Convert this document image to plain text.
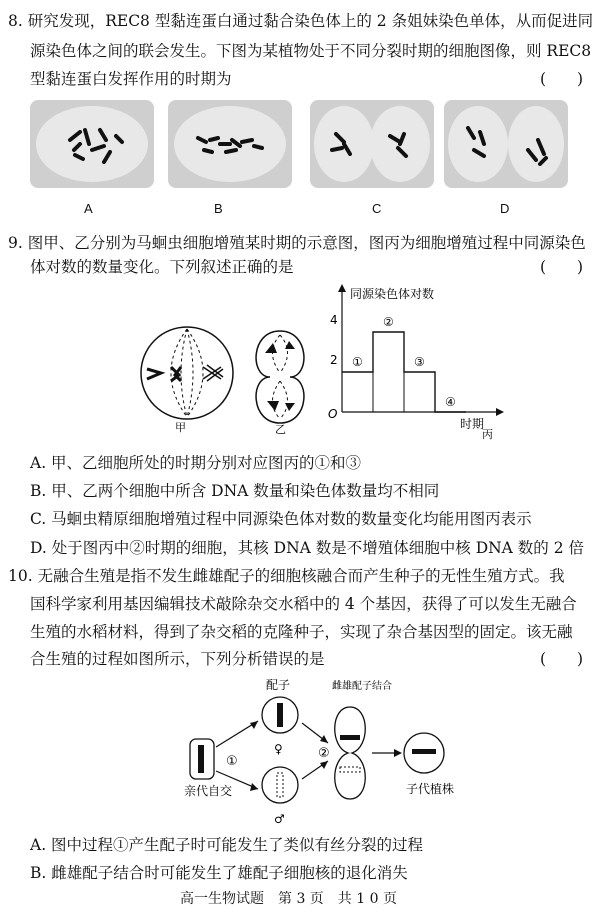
8. 研究发现，REC8 型黏连蛋白通过黏合染色体上的 2 条姐妹染色单体，从而促进同
源染色体之间的联会发生。下图为某植物处于不同分裂时期的细胞图像，则 REC8
型黏连蛋白发挥作用的时期为	(　　)
A	B	C	D
9. 图甲、乙分别为马蛔虫细胞增殖某时期的示意图，图丙为细胞增殖过程中同源染色
体对数的数量变化。下列叙述正确的是	(　　)
甲	乙
同源染色体对数
时期
O
4
2 ①
②
③
④
丙
A. 甲、乙细胞所处的时期分别对应图丙的①和③
B. 甲、乙两个细胞中所含 DNA 数量和染色体数量均不相同
C. 马蛔虫精原细胞增殖过程中同源染色体对数的数量变化均能用图丙表示
D. 处于图丙中②时期的细胞，其核 DNA 数是不增殖体细胞中核 DNA 数的 2 倍
10. 无融合生殖是指不发生雌雄配子的细胞核融合而产生种子的无性生殖方式。我
国科学家利用基因编辑技术敲除杂交水稻中的 4 个基因，获得了可以发生无融合
生殖的水稻材料，得到了杂交稻的克隆种子，实现了杂合基因型的固定。该无融
合生殖的过程如图所示，下列分析错误的是	(　　)
配子	雌雄配子结合
♀
♂
亲代自交
①
②
子代植株
A. 图中过程①产生配子时可能发生了类似有丝分裂的过程
B. 雌雄配子结合时可能发生了雄配子细胞核的退化消失
高一生物试题　第 3 页　共 1 0 页
